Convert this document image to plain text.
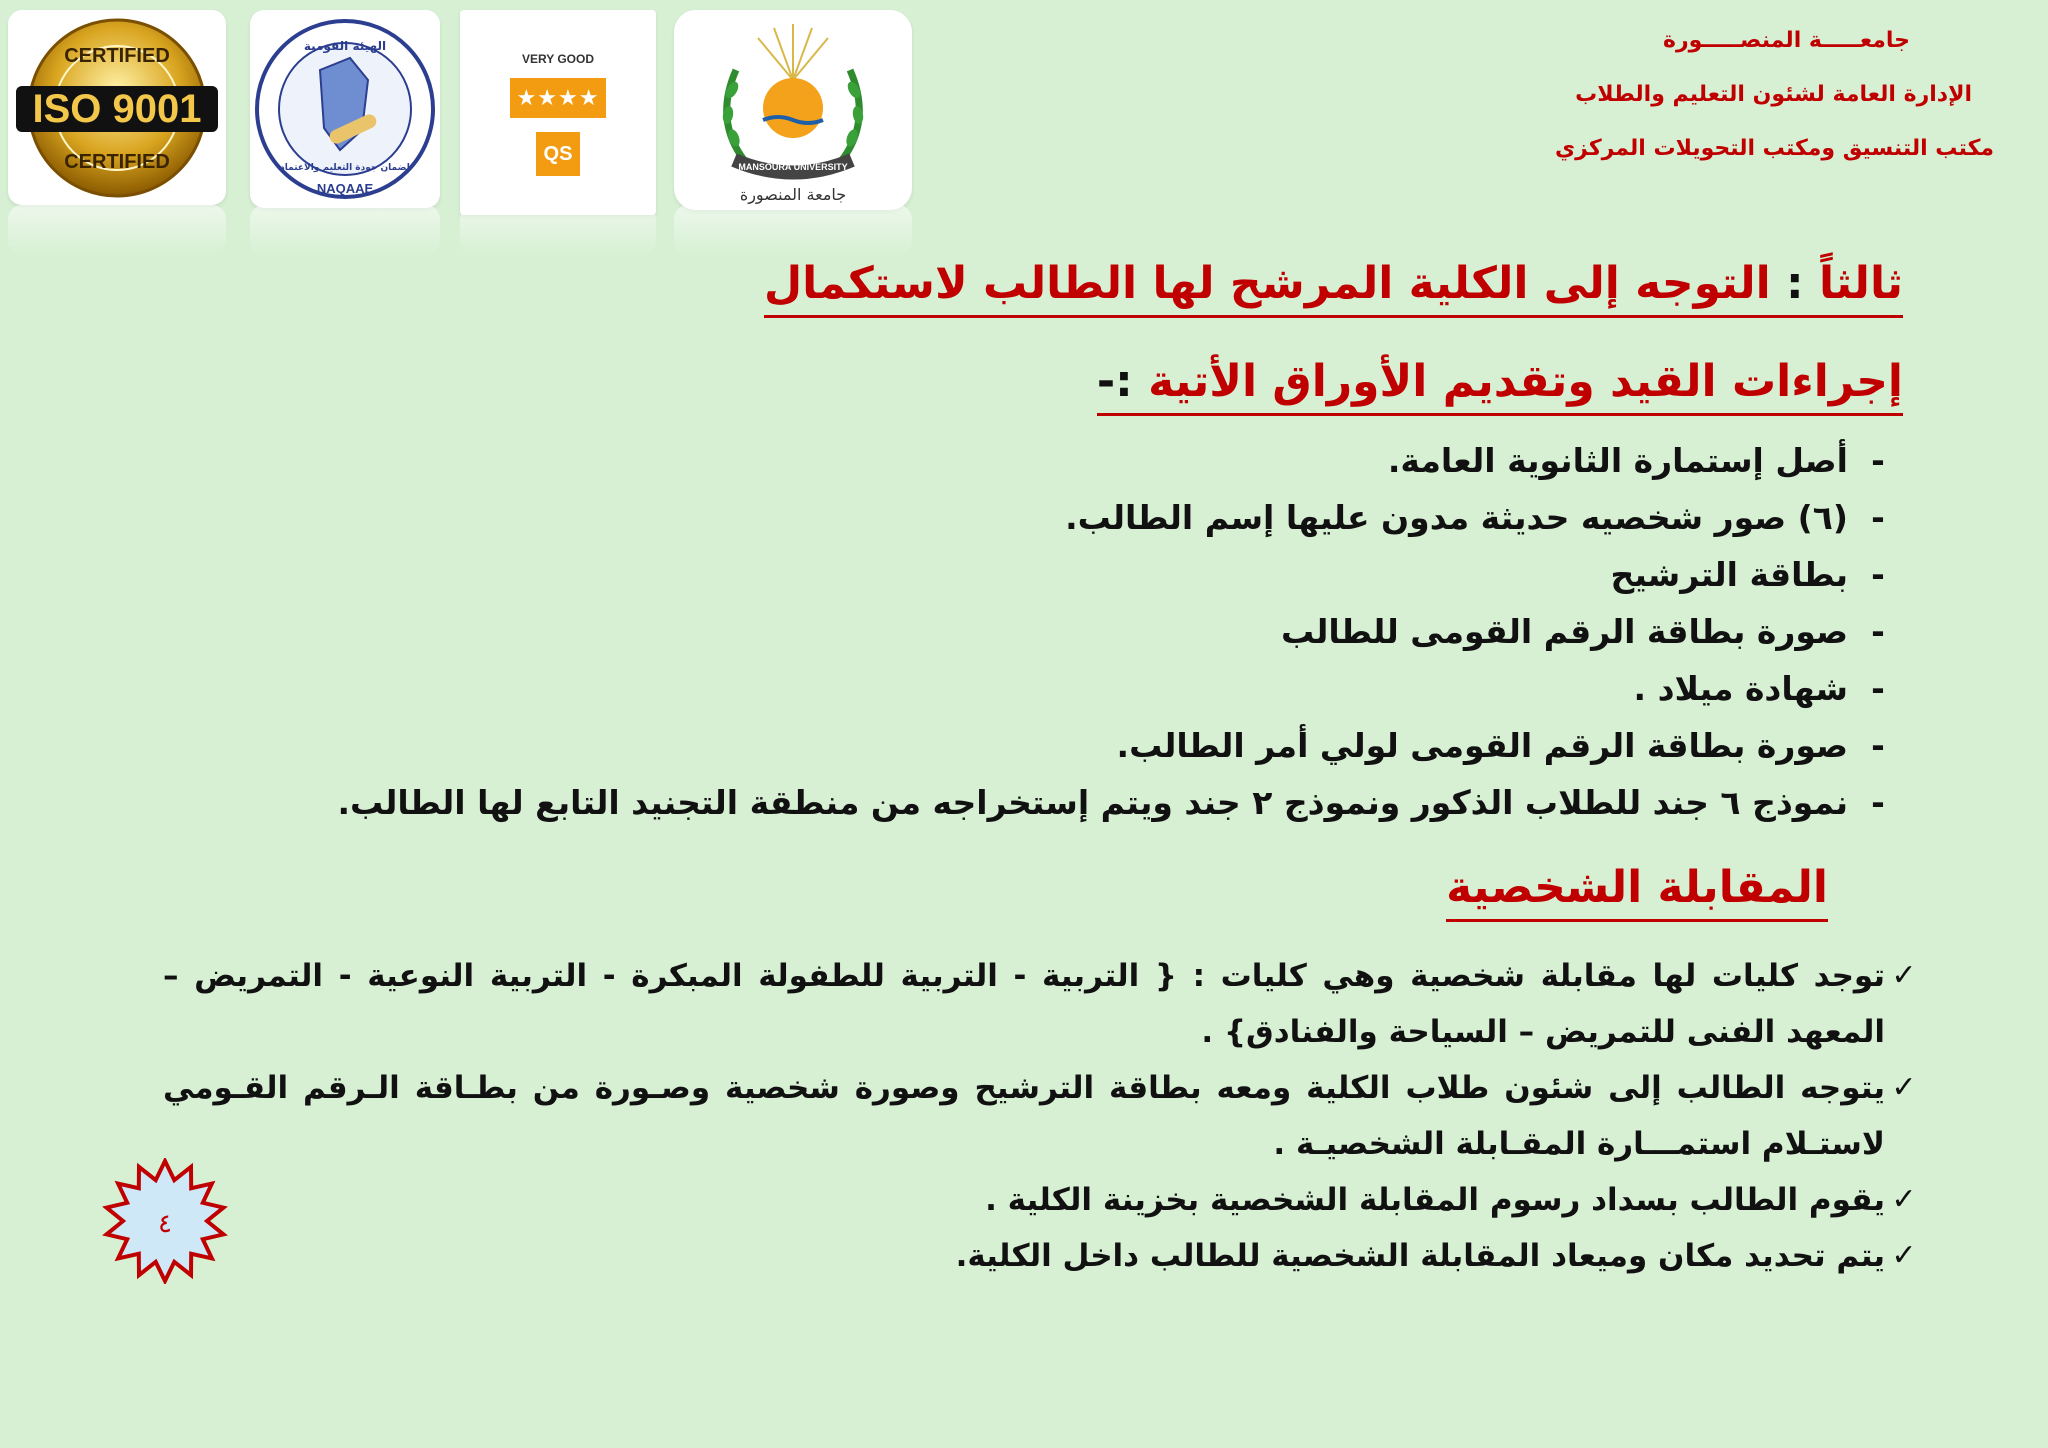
CERTIFIED
ISO 9001
CERTIFIED
الهيئة القومية
لضمان جودة التعليم والاعتماد
NAQAAE
VERY GOOD
★★★★
QS
MANSOURA UNIVERSITY
جامعة المنصورة
جامعـــــة المنصـــــورة
الإدارة العامة لشئون التعليم والطلاب
مكتب التنسيق ومكتب التحويلات المركزي
ثالثاً : التوجه إلى الكلية المرشح لها الطالب لاستكمال
إجراءات القيد وتقديم الأوراق الأتية :-
-
أصل إستمارة الثانوية العامة.
-
(٦) صور شخصيه حديثة مدون عليها إسم الطالب.
-
بطاقة الترشيح
-
صورة بطاقة الرقم القومى للطالب
-
شهادة ميلاد .
-
صورة بطاقة الرقم القومى لولي أمر الطالب.
-
نموذج ٦ جند للطلاب الذكور ونموذج ٢ جند ويتم إستخراجه من منطقة التجنيد التابع لها الطالب.
المقابلة الشخصية
✓
توجد كليات لها مقابلة شخصية وهي كليات : { التربية - التربية للطفولة المبكرة - التربية النوعية - التمريض – المعهد الفنى للتمريض – السياحة والفنادق} .
✓
يتوجه الطالب إلى شئون طلاب الكلية ومعه بطاقة الترشيح وصورة شخصية وصـورة من بطـاقة الـرقم القـومي لاستـلام استمـــارة المقـابلة الشخصيـة .
✓
يقوم الطالب بسداد رسوم المقابلة الشخصية بخزينة الكلية .
✓
يتم تحديد مكان وميعاد المقابلة الشخصية للطالب داخل الكلية.
٤
